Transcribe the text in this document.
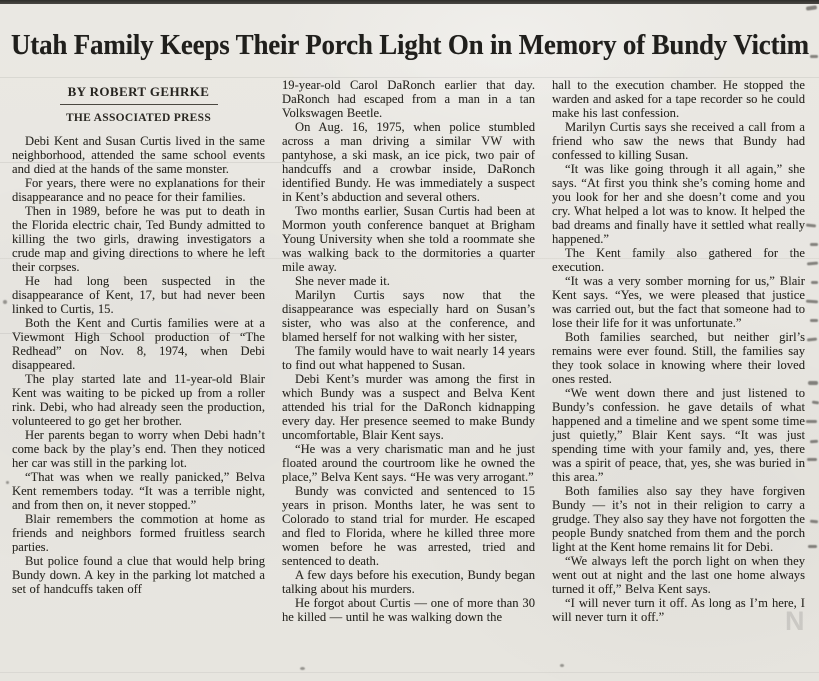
Utah Family Keeps Their Porch Light On in Memory of Bundy Victim
BY ROBERT GEHRKE
THE ASSOCIATED PRESS

Debi Kent and Susan Curtis lived in the same neighborhood, attended the same school events and died at the hands of the same monster.

For years, there were no explanations for their disappearance and no peace for their families.

Then in 1989, before he was put to death in the Florida electric chair, Ted Bundy admitted to killing the two girls, drawing investigators a crude map and giving directions to where he left their corpses.

He had long been suspected in the disappearance of Kent, 17, but had never been linked to Curtis, 15.

Both the Kent and Curtis families were at a Viewmont High School production of “The Redhead” on Nov. 8, 1974, when Debi disappeared.

The play started late and 11-year-old Blair Kent was waiting to be picked up from a roller rink. Debi, who had already seen the production, volunteered to go get her brother.

Her parents began to worry when Debi hadn’t come back by the play’s end. Then they noticed her car was still in the parking lot.

“That was when we really panicked,” Belva Kent remembers today. “It was a terrible night, and from then on, it never stopped.”

Blair remembers the commotion at home as friends and neighbors formed fruitless search parties.

But police found a clue that would help bring Bundy down. A key in the parking lot matched a set of handcuffs taken off

19-year-old Carol DaRonch earlier that day. DaRonch had escaped from a man in a tan Volkswagen Beetle.

On Aug. 16, 1975, when police stumbled across a man driving a similar VW with pantyhose, a ski mask, an ice pick, two pair of handcuffs and a crowbar inside, DaRonch identified Bundy. He was immediately a suspect in Kent’s abduction and several others.

Two months earlier, Susan Curtis had been at Mormon youth conference banquet at Brigham Young University when she told a roommate she was walking back to the dormitories a quarter mile away.

She never made it.

Marilyn Curtis says now that the disappearance was especially hard on Susan’s sister, who was also at the conference, and blamed herself for not walking with her sister,

The family would have to wait nearly 14 years to find out what happened to Susan.

Debi Kent’s murder was among the first in which Bundy was a suspect and Belva Kent attended his trial for the DaRonch kidnapping every day. Her presence seemed to make Bundy uncomfortable, Blair Kent says.

“He was a very charismatic man and he just floated around the courtroom like he owned the place,” Belva Kent says. “He was very arrogant.”

Bundy was convicted and sentenced to 15 years in prison. Months later, he was sent to Colorado to stand trial for murder. He escaped and fled to Florida, where he killed three more women before he was arrested, tried and sentenced to death.

A few days before his execution, Bundy began talking about his murders.

He forgot about Curtis — one of more than 30 he killed — until he was walking down the

hall to the execution chamber. He stopped the warden and asked for a tape recorder so he could make his last confession.

Marilyn Curtis says she received a call from a friend who saw the news that Bundy had confessed to killing Susan.

“It was like going through it all again,” she says. “At first you think she’s coming home and you look for her and she doesn’t come and you cry. What helped a lot was to know. It helped the bad dreams and finally have it settled what really happened.”

The Kent family also gathered for the execution.

“It was a very somber morning for us,” Blair Kent says. “Yes, we were pleased that justice was carried out, but the fact that someone had to lose their life for it was unfortunate.”

Both families searched, but neither girl’s remains were ever found. Still, the families say they took solace in knowing where their loved ones rested.

“We went down there and just listened to Bundy’s confession. he gave details of what happened and a timeline and we spent some time just quietly,” Blair Kent says. “It was just spending time with your family and, yes, there was a spirit of peace, that, yes, she was buried in this area.”

Both families also say they have forgiven Bundy — it’s not in their religion to carry a grudge. They also say they have not forgotten the people Bundy snatched from them and the porch light at the Kent home remains lit for Debi.

“We always left the porch light on when they went out at night and the last one home always turned it off,” Belva Kent says.

“I will never turn it off. As long as I’m here, I will never turn it off.”	N
